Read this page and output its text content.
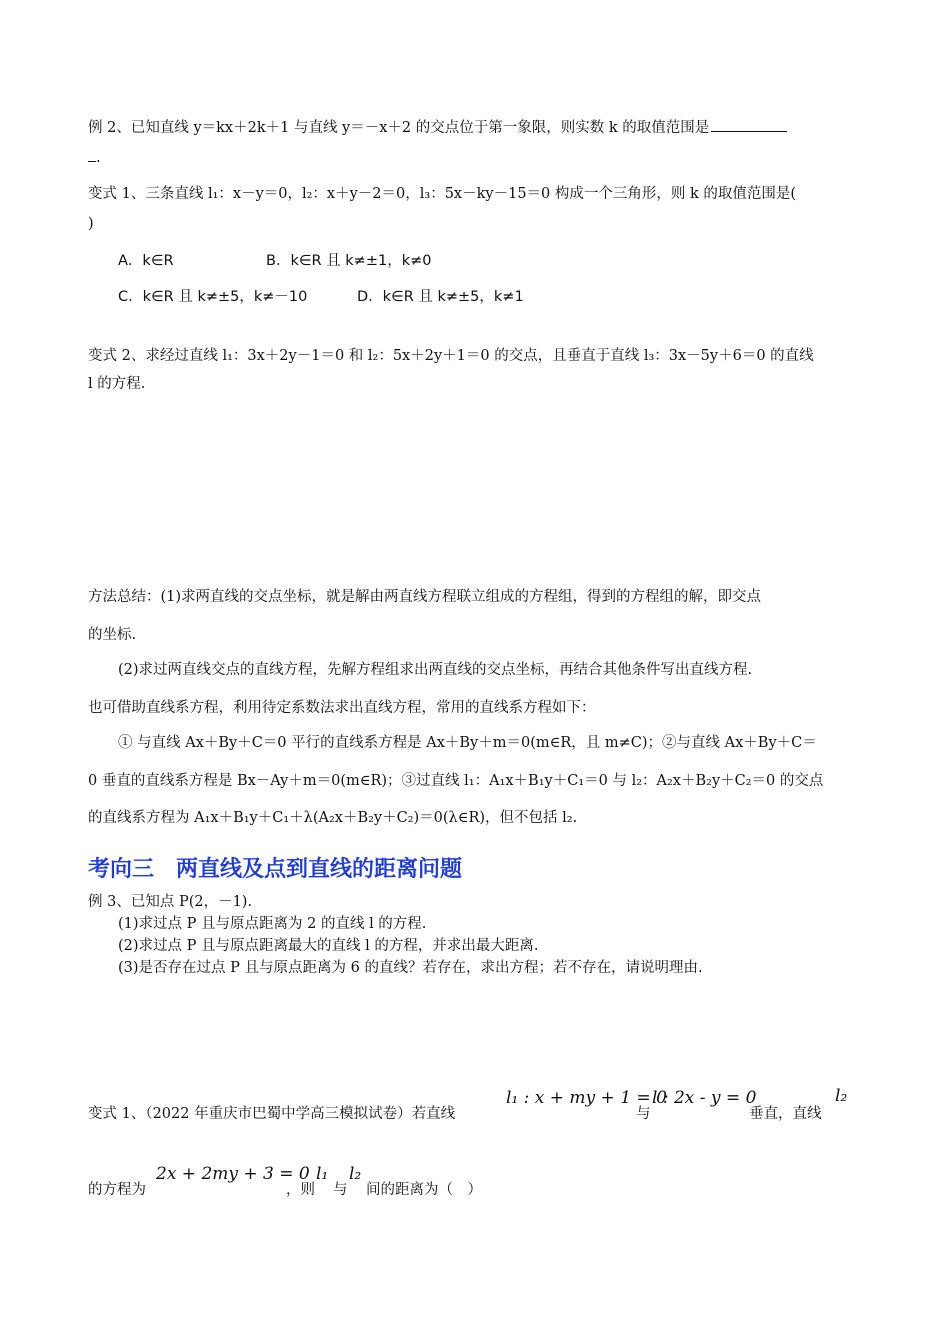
例 2、已知直线 y＝kx＋2k＋1 与直线 y＝－x＋2 的交点位于第一象限，则实数 k 的取值范围是
.
变式 1、三条直线 l₁：x－y＝0，l₂：x＋y－2＝0，l₃：5x－ky－15＝0 构成一个三角形，则 k 的取值范围是(
)
A．k∈R	B．k∈R 且 k≠±1，k≠0
C．k∈R 且 k≠±5，k≠－10	D．k∈R 且 k≠±5，k≠1
变式 2、求经过直线 l₁：3x＋2y－1＝0 和 l₂：5x＋2y＋1＝0 的交点，且垂直于直线 l₃：3x－5y＋6＝0 的直线
l 的方程.
方法总结：(1)求两直线的交点坐标，就是解由两直线方程联立组成的方程组，得到的方程组的解，即交点
的坐标.
(2)求过两直线交点的直线方程，先解方程组求出两直线的交点坐标，再结合其他条件写出直线方程.
也可借助直线系方程，利用待定系数法求出直线方程，常用的直线系方程如下：
① 与直线 Ax＋By＋C＝0 平行的直线系方程是 Ax＋By＋m＝0(m∈R，且 m≠C)；②与直线 Ax＋By＋C＝
0 垂直的直线系方程是 Bx－Ay＋m＝0(m∈R)；③过直线 l₁：A₁x＋B₁y＋C₁＝0 与 l₂：A₂x＋B₂y＋C₂＝0 的交点
的直线系方程为 A₁x＋B₁y＋C₁＋λ(A₂x＋B₂y＋C₂)＝0(λ∈R)，但不包括 l₂.
考向三　两直线及点到直线的距离问题
例 3、已知点 P(2，－1).
(1)求过点 P 且与原点距离为 2 的直线 l 的方程.
(2)求过点 P 且与原点距离最大的直线 l 的方程，并求出最大距离.
(3)是否存在过点 P 且与原点距离为 6 的直线？若存在，求出方程；若不存在，请说明理由.
变式 1、（2022 年重庆市巴蜀中学高三模拟试卷）若直线
l₁ : x + my + 1 = 0
与
l : 2x - y = 0
垂直，直线
l₂
的方程为
2x + 2my + 3 = 0
，则
l₁
与
l₂
间的距离为（　）
